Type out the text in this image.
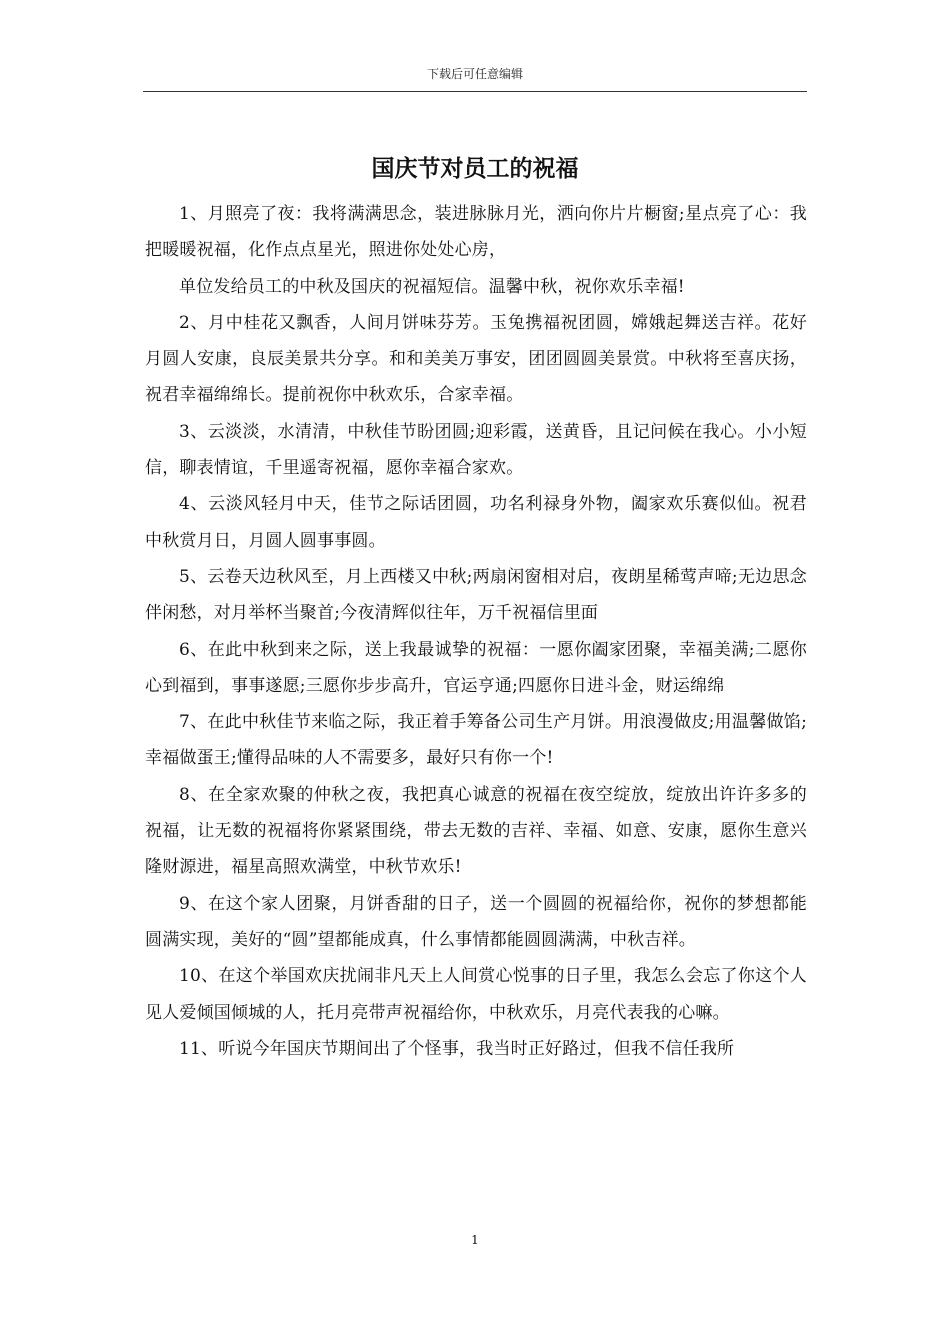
下载后可任意编辑
国庆节对员工的祝福

1、月照亮了夜：我将满满思念，装进脉脉月光，洒向你片片橱窗;星点亮了心：我把暖暖祝福，化作点点星光，照进你处处心房，

单位发给员工的中秋及国庆的祝福短信。温馨中秋，祝你欢乐幸福!

2、月中桂花又飘香，人间月饼味芬芳。玉兔携福祝团圆，嫦娥起舞送吉祥。花好月圆人安康，良辰美景共分享。和和美美万事安，团团圆圆美景赏。中秋将至喜庆扬，祝君幸福绵绵长。提前祝你中秋欢乐，合家幸福。

3、云淡淡，水清清，中秋佳节盼团圆;迎彩霞，送黄昏，且记问候在我心。小小短信，聊表情谊，千里遥寄祝福，愿你幸福合家欢。

4、云淡风轻月中天，佳节之际话团圆，功名利禄身外物，阖家欢乐赛似仙。祝君中秋赏月日，月圆人圆事事圆。

5、云卷天边秋风至，月上西楼又中秋;两扇闲窗相对启，夜朗星稀莺声啼;无边思念伴闲愁，对月举杯当聚首;今夜清辉似往年，万千祝福信里面

6、在此中秋到来之际，送上我最诚挚的祝福：一愿你阖家团聚，幸福美满;二愿你心到福到，事事遂愿;三愿你步步高升，官运亨通;四愿你日进斗金，财运绵绵

7、在此中秋佳节来临之际，我正着手筹备公司生产月饼。用浪漫做皮;用温馨做馅;幸福做蛋王;懂得品味的人不需要多，最好只有你一个!

8、在全家欢聚的仲秋之夜，我把真心诚意的祝福在夜空绽放，绽放出许许多多的祝福，让无数的祝福将你紧紧围绕，带去无数的吉祥、幸福、如意、安康，愿你生意兴隆财源进，福星高照欢满堂，中秋节欢乐!

9、在这个家人团聚，月饼香甜的日子，送一个圆圆的祝福给你，祝你的梦想都能圆满实现，美好的“圆”望都能成真，什么事情都能圆圆满满，中秋吉祥。

10、在这个举国欢庆扰闹非凡天上人间赏心悦事的日子里，我怎么会忘了你这个人见人爱倾国倾城的人，托月亮带声祝福给你，中秋欢乐，月亮代表我的心嘛。

11、听说今年国庆节期间出了个怪事，我当时正好路过，但我不信任我所

1
